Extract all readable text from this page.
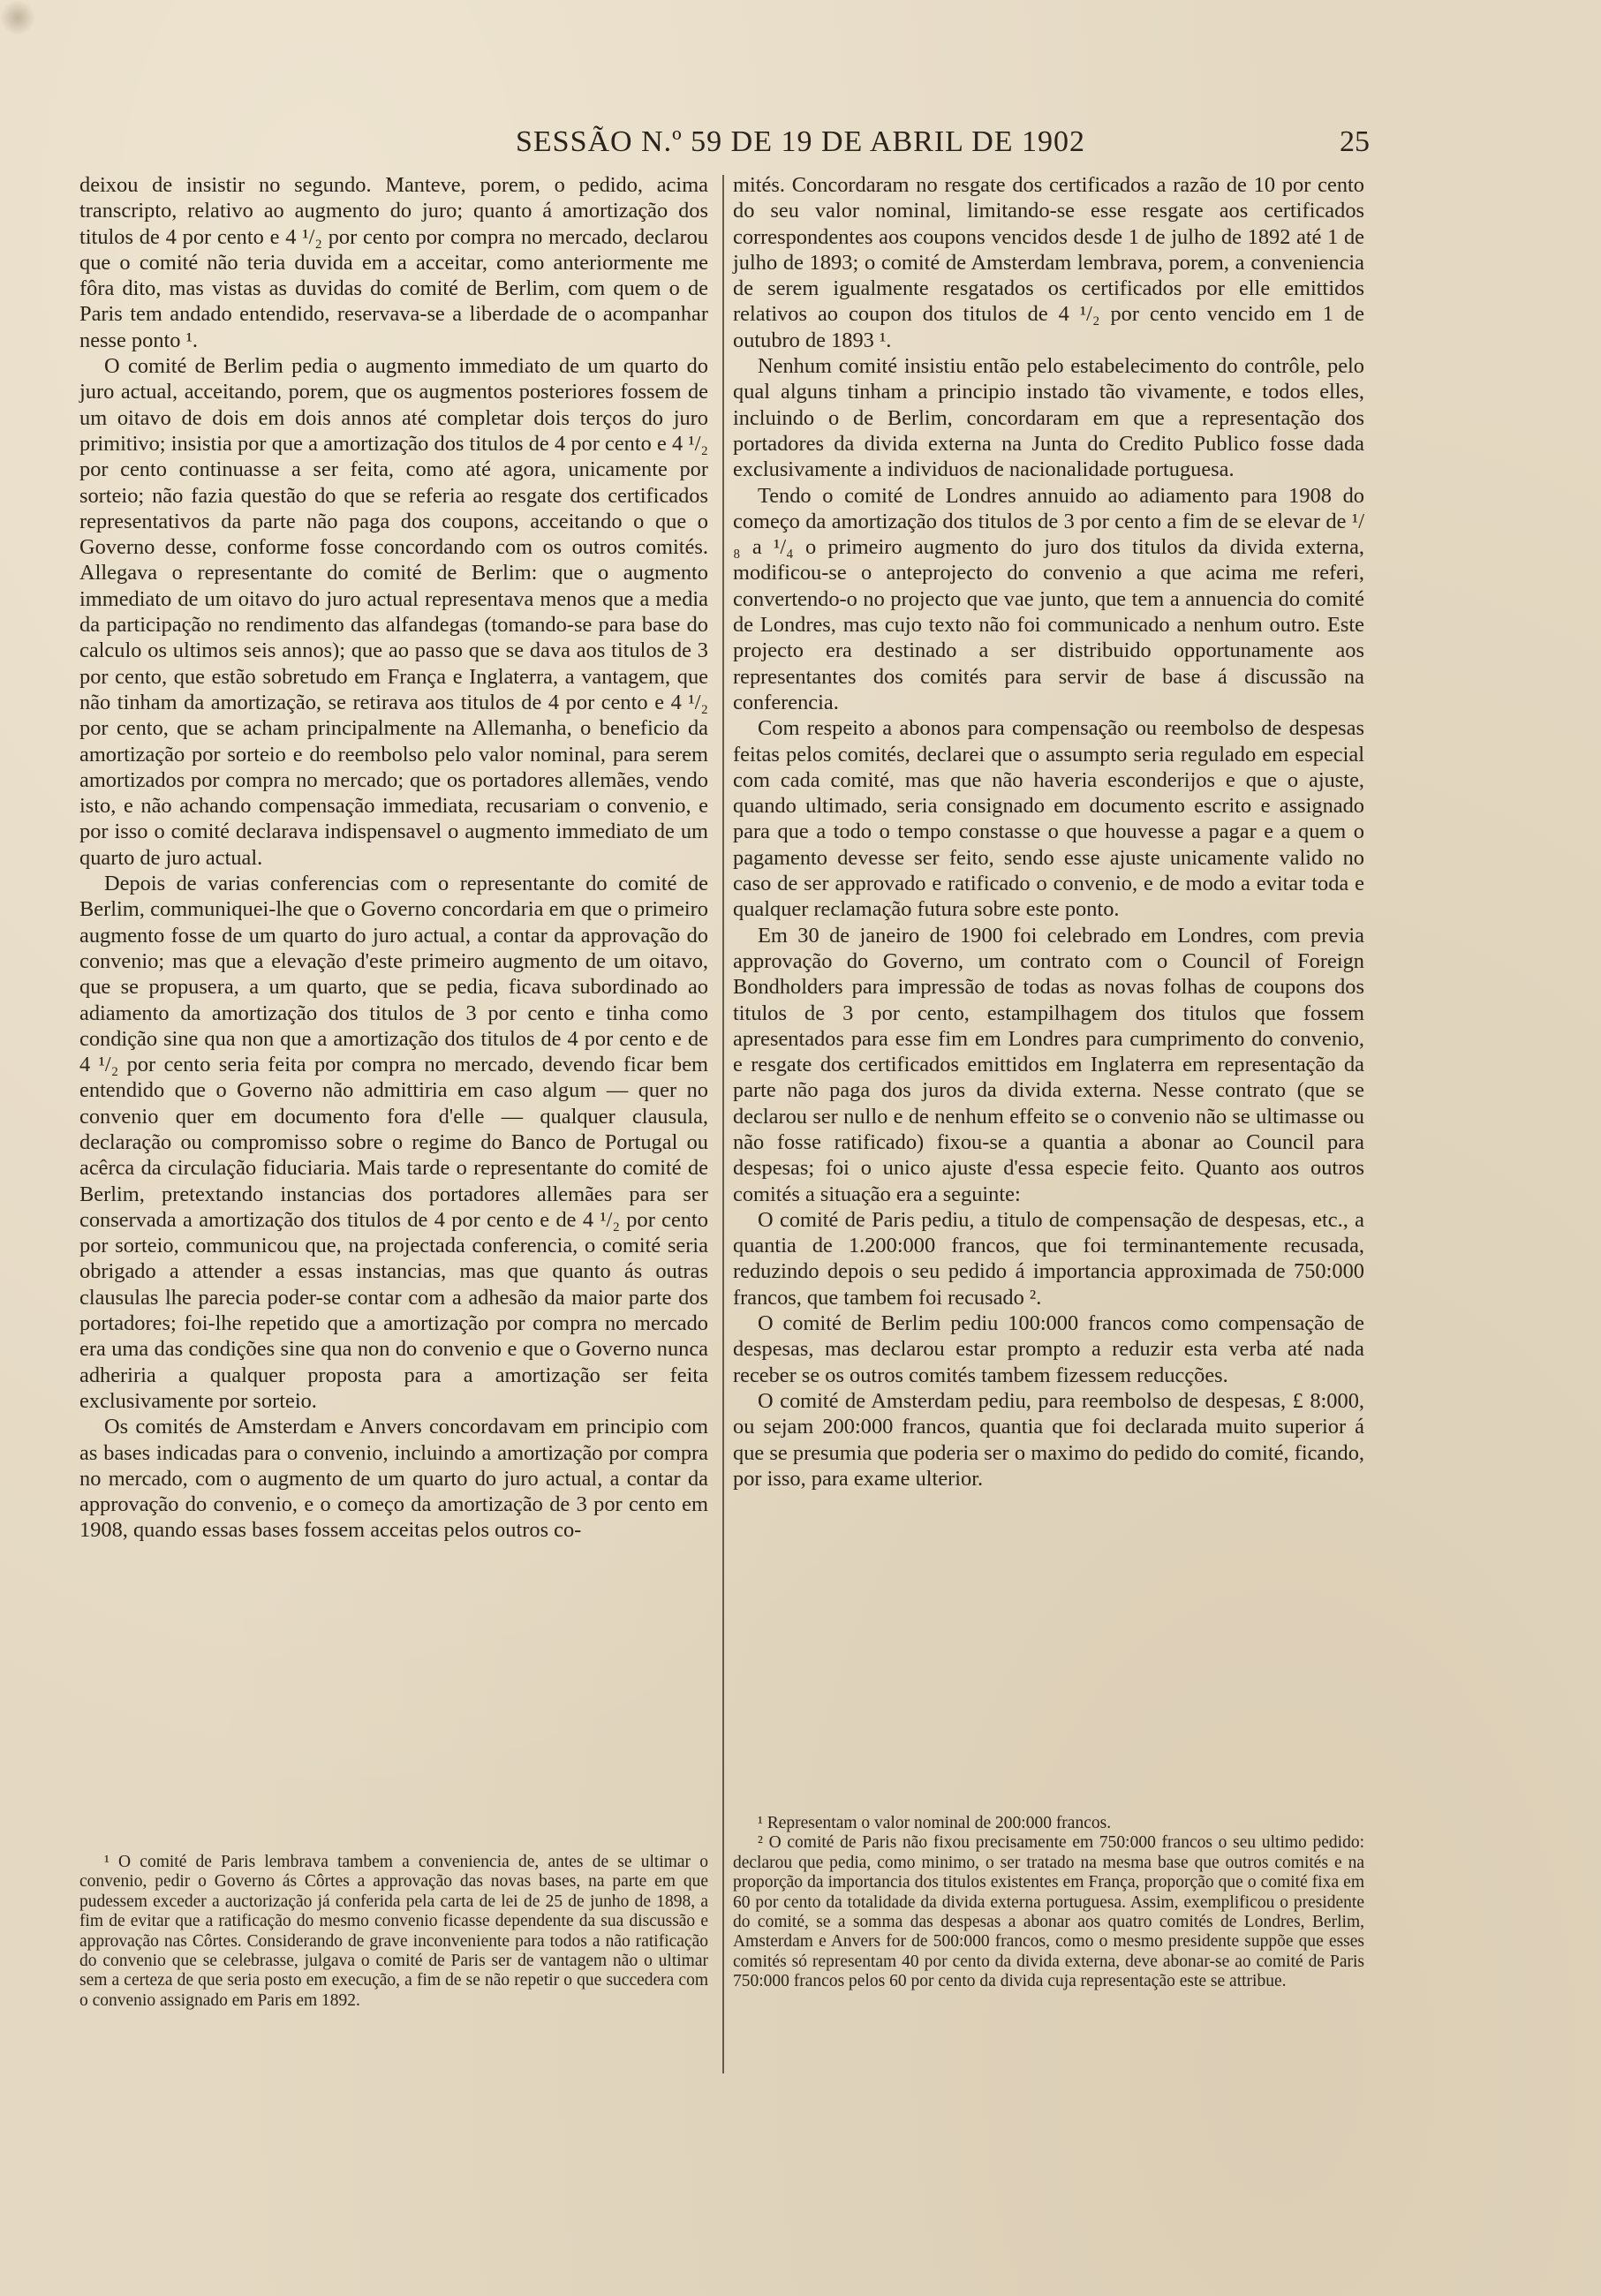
SESSÃO N.º 59 DE 19 DE ABRIL DE 1902	25

deixou de insistir no segundo. Manteve, porem, o pedido, acima transcripto, relativo ao augmento do juro; quanto á amortização dos titulos de 4 por cento e 4 ¹/₂ por cento por compra no mercado, declarou que o comité não teria duvida em a acceitar, como anteriormente me fôra dito, mas vistas as duvidas do comité de Berlim, com quem o de Paris tem andado entendido, reservava-se a liberdade de o acompanhar nesse ponto ¹.

O comité de Berlim pedia o augmento immediato de um quarto do juro actual, acceitando, porem, que os augmentos posteriores fossem de um oitavo de dois em dois annos até completar dois terços do juro primitivo; insistia por que a amortização dos titulos de 4 por cento e 4 ¹/₂ por cento continuasse a ser feita, como até agora, unicamente por sorteio; não fazia questão do que se referia ao resgate dos certificados representativos da parte não paga dos coupons, acceitando o que o Governo desse, conforme fosse concordando com os outros comités. Allegava o representante do comité de Berlim: que o augmento immediato de um oitavo do juro actual representava menos que a media da participação no rendimento das alfandegas (tomando-se para base do calculo os ultimos seis annos); que ao passo que se dava aos titulos de 3 por cento, que estão sobretudo em França e Inglaterra, a vantagem, que não tinham da amortização, se retirava aos titulos de 4 por cento e 4 ¹/₂ por cento, que se acham principalmente na Allemanha, o beneficio da amortização por sorteio e do reembolso pelo valor nominal, para serem amortizados por compra no mercado; que os portadores allemães, vendo isto, e não achando compensação immediata, recusariam o convenio, e por isso o comité declarava indispensavel o augmento immediato de um quarto de juro actual.

Depois de varias conferencias com o representante do comité de Berlim, communiquei-lhe que o Governo concordaria em que o primeiro augmento fosse de um quarto do juro actual, a contar da approvação do convenio; mas que a elevação d'este primeiro augmento de um oitavo, que se propusera, a um quarto, que se pedia, ficava subordinado ao adiamento da amortização dos titulos de 3 por cento e tinha como condição sine qua non que a amortização dos titulos de 4 por cento e de 4 ¹/₂ por cento seria feita por compra no mercado, devendo ficar bem entendido que o Governo não admittiria em caso algum — quer no convenio quer em documento fora d'elle — qualquer clausula, declaração ou compromisso sobre o regime do Banco de Portugal ou acêrca da circulação fiduciaria. Mais tarde o representante do comité de Berlim, pretextando instancias dos portadores allemães para ser conservada a amortização dos titulos de 4 por cento e de 4 ¹/₂ por cento por sorteio, communicou que, na projectada conferencia, o comité seria obrigado a attender a essas instancias, mas que quanto ás outras clausulas lhe parecia poder-se contar com a adhesão da maior parte dos portadores; foi-lhe repetido que a amortização por compra no mercado era uma das condições sine qua non do convenio e que o Governo nunca adheriria a qualquer proposta para a amortização ser feita exclusivamente por sorteio.

Os comités de Amsterdam e Anvers concordavam em principio com as bases indicadas para o convenio, incluindo a amortização por compra no mercado, com o augmento de um quarto do juro actual, a contar da approvação do convenio, e o começo da amortização de 3 por cento em 1908, quando essas bases fossem acceitas pelos outros co-

mités. Concordaram no resgate dos certificados a razão de 10 por cento do seu valor nominal, limitando-se esse resgate aos certificados correspondentes aos coupons vencidos desde 1 de julho de 1892 até 1 de julho de 1893; o comité de Amsterdam lembrava, porem, a conveniencia de serem igualmente resgatados os certificados por elle emittidos relativos ao coupon dos titulos de 4 ¹/₂ por cento vencido em 1 de outubro de 1893 ¹.

Nenhum comité insistiu então pelo estabelecimento do contrôle, pelo qual alguns tinham a principio instado tão vivamente, e todos elles, incluindo o de Berlim, concordaram em que a representação dos portadores da divida externa na Junta do Credito Publico fosse dada exclusivamente a individuos de nacionalidade portuguesa.

Tendo o comité de Londres annuido ao adiamento para 1908 do começo da amortização dos titulos de 3 por cento a fim de se elevar de ¹/₈ a ¹/₄ o primeiro augmento do juro dos titulos da divida externa, modificou-se o anteprojecto do convenio a que acima me referi, convertendo-o no projecto que vae junto, que tem a annuencia do comité de Londres, mas cujo texto não foi communicado a nenhum outro. Este projecto era destinado a ser distribuido opportunamente aos representantes dos comités para servir de base á discussão na conferencia.

Com respeito a abonos para compensação ou reembolso de despesas feitas pelos comités, declarei que o assumpto seria regulado em especial com cada comité, mas que não haveria esconderijos e que o ajuste, quando ultimado, seria consignado em documento escrito e assignado para que a todo o tempo constasse o que houvesse a pagar e a quem o pagamento devesse ser feito, sendo esse ajuste unicamente valido no caso de ser approvado e ratificado o convenio, e de modo a evitar toda e qualquer reclamação futura sobre este ponto.

Em 30 de janeiro de 1900 foi celebrado em Londres, com previa approvação do Governo, um contrato com o Council of Foreign Bondholders para impressão de todas as novas folhas de coupons dos titulos de 3 por cento, estampilhagem dos titulos que fossem apresentados para esse fim em Londres para cumprimento do convenio, e resgate dos certificados emittidos em Inglaterra em representação da parte não paga dos juros da divida externa. Nesse contrato (que se declarou ser nullo e de nenhum effeito se o convenio não se ultimasse ou não fosse ratificado) fixou-se a quantia a abonar ao Council para despesas; foi o unico ajuste d'essa especie feito. Quanto aos outros comités a situação era a seguinte:

O comité de Paris pediu, a titulo de compensação de despesas, etc., a quantia de 1.200:000 francos, que foi terminantemente recusada, reduzindo depois o seu pedido á importancia approximada de 750:000 francos, que tambem foi recusado ².

O comité de Berlim pediu 100:000 francos como compensação de despesas, mas declarou estar prompto a reduzir esta verba até nada receber se os outros comités tambem fizessem reducções.

O comité de Amsterdam pediu, para reembolso de despesas, £ 8:000, ou sejam 200:000 francos, quantia que foi declarada muito superior á que se presumia que poderia ser o maximo do pedido do comité, ficando, por isso, para exame ulterior.

¹ O comité de Paris lembrava tambem a conveniencia de, antes de se ultimar o convenio, pedir o Governo ás Côrtes a approvação das novas bases, na parte em que pudessem exceder a auctorização já conferida pela carta de lei de 25 de junho de 1898, a fim de evitar que a ratificação do mesmo convenio ficasse dependente da sua discussão e approvação nas Côrtes. Considerando de grave inconveniente para todos a não ratificação do convenio que se celebrasse, julgava o comité de Paris ser de vantagem não o ultimar sem a certeza de que seria posto em execução, a fim de se não repetir o que succedera com o convenio assignado em Paris em 1892.

¹ Representam o valor nominal de 200:000 francos.

² O comité de Paris não fixou precisamente em 750:000 francos o seu ultimo pedido: declarou que pedia, como minimo, o ser tratado na mesma base que outros comités e na proporção da importancia dos titulos existentes em França, proporção que o comité fixa em 60 por cento da totalidade da divida externa portuguesa. Assim, exemplificou o presidente do comité, se a somma das despesas a abonar aos quatro comités de Londres, Berlim, Amsterdam e Anvers for de 500:000 francos, como o mesmo presidente suppõe que esses comités só representam 40 por cento da divida externa, deve abonar-se ao comité de Paris 750:000 francos pelos 60 por cento da divida cuja representação este se attribue.
